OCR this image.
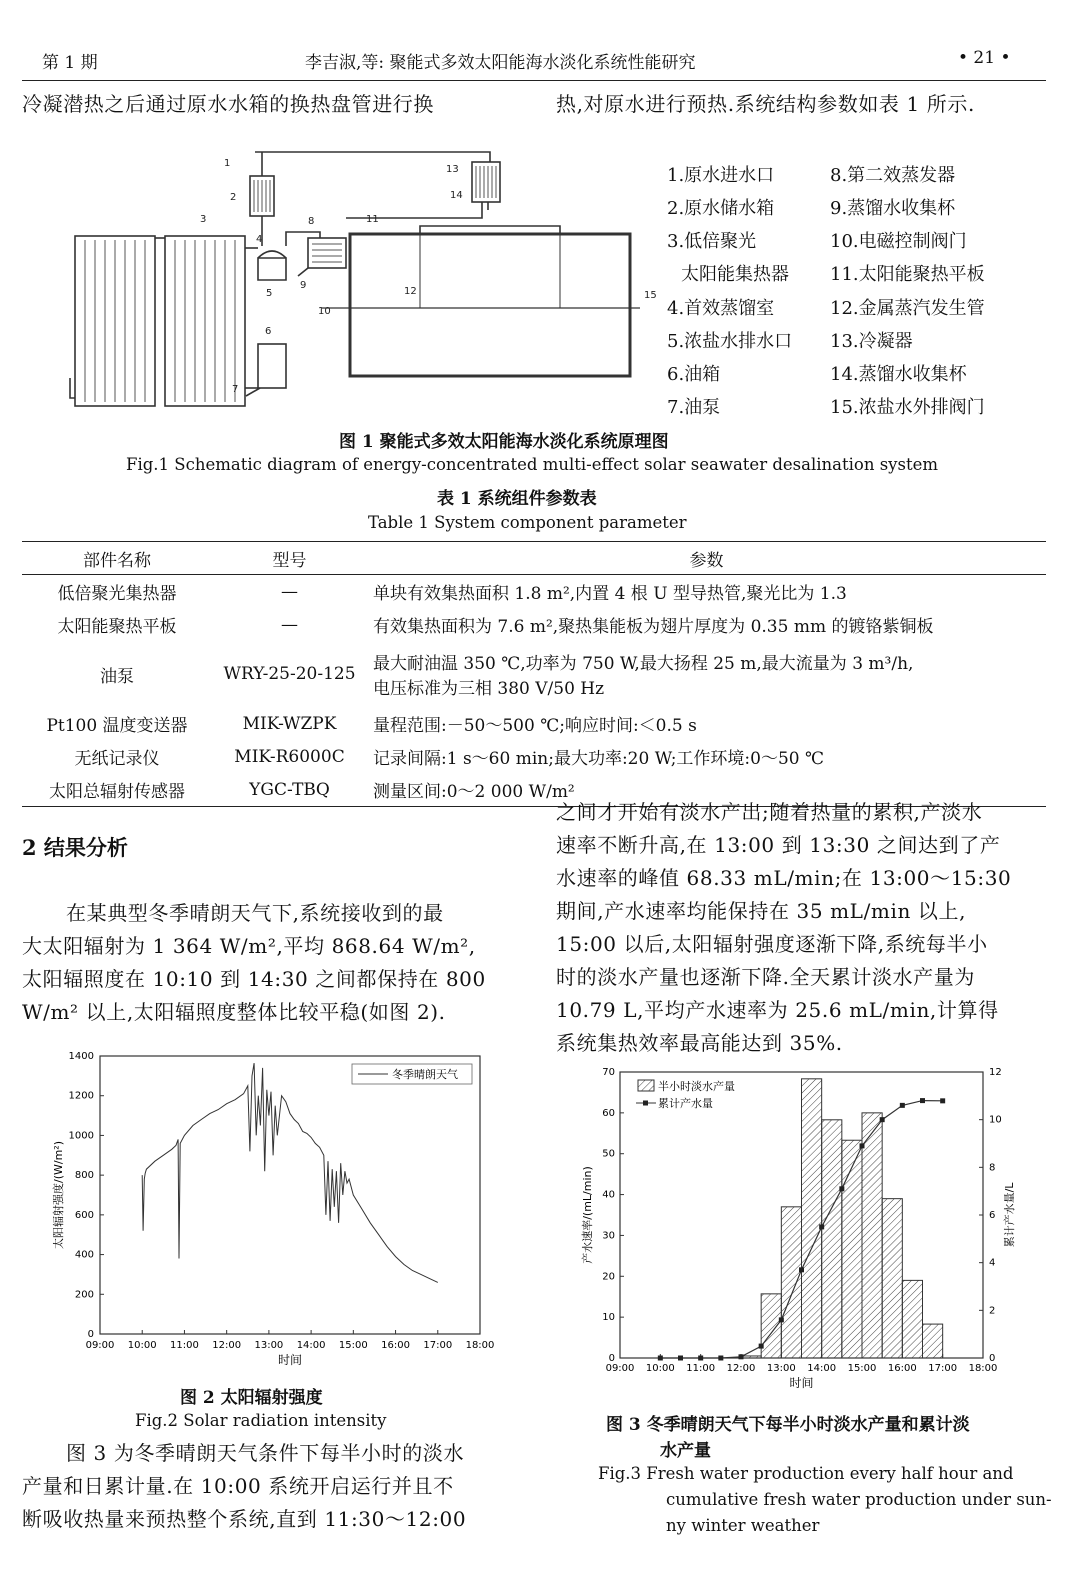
第 1 期	李吉淑,等: 聚能式多效太阳能海水淡化系统性能研究	• 21 •
冷凝潜热之后通过原水水箱的换热盘管进行换	热,对原水进行预热.系统结构参数如表 1 所示.
1
2
3
4
5
6
7
8
9
10
11
12
13
14
15
1.原水进水口
2.原水储水箱
3.低倍聚光
太阳能集热器
4.首效蒸馏室
5.浓盐水排水口
6.油箱
7.油泵
8.第二效蒸发器
9.蒸馏水收集杯
10.电磁控制阀门
11.太阳能聚热平板
12.金属蒸汽发生管
13.冷凝器
14.蒸馏水收集杯
15.浓盐水外排阀门
图 1 聚能式多效太阳能海水淡化系统原理图
Fig.1 Schematic diagram of energy-concentrated multi-effect solar seawater desalination system
表 1 系统组件参数表
Table 1 System component parameter
部件名称	型号	参数
低倍聚光集热器	—	单块有效集热面积 1.8 m²,内置 4 根 U 型导热管,聚光比为 1.3
太阳能聚热平板	—	有效集热面积为 7.6 m²,聚热集能板为翅片厚度为 0.35 mm 的镀铬紫铜板
油泵	WRY-25-20-125	最大耐油温 350 ℃,功率为 750 W,最大扬程 25 m,最大流量为 3 m³/h,
电压标准为三相 380 V/50 Hz

Pt100 温度变送器	MIK-WZPK	量程范围:－50～500 ℃;响应时间:＜0.5 s
无纸记录仪	MIK-R6000C	记录间隔:1 s～60 min;最大功率:20 W;工作环境:0～50 ℃
太阳总辐射传感器	YGC-TBQ	测量区间:0～2 000 W/m²
2 结果分析
在某典型冬季晴朗天气下,系统接收到的最
大太阳辐射为 1 364 W/m²,平均 868.64 W/m²,
太阳辐照度在 10:10 到 14:30 之间都保持在 800
W/m² 以上,太阳辐照度整体比较平稳(如图 2).
之间才开始有淡水产出;随着热量的累积,产淡水
速率不断升高,在 13:00 到 13:30 之间达到了产
水速率的峰值 68.33 mL/min;在 13:00～15:30
期间,产水速率均能保持在 35 mL/min 以上,
15:00 以后,太阳辐射强度逐渐下降,系统每半小
时的淡水产量也逐渐下降.全天累计淡水产量为
10.79 L,平均产水速率为 25.6 mL/min,计算得
系统集热效率最高能达到 35%.
09:00 10:00 11:00 12:00 13:00 14:00 15:00 16:00 17:00 18:00
0
200
400
600
800
1000
1200
1400
时间
太阳辐射强度/(W/m²)
冬季晴朗天气
图 2 太阳辐射强度
Fig.2 Solar radiation intensity
图 3 为冬季晴朗天气条件下每半小时的淡水
产量和日累计量.在 10:00 系统开启运行并且不
断吸收热量来预热整个系统,直到 11:30～12:00
09:00 10:00 11:00 12:00 13:00 14:00 15:00 16:00 17:00 18:00
0
10
20
30
40
50
60
70
0
2
4
6
8
10
12
时间
产水速率/(mL/min)	累计产水量/L
半小时淡水产量
累计产水量
图 3 冬季晴朗天气下每半小时淡水产量和累计淡
水产量
Fig.3 Fresh water production every half hour and
cumulative fresh water production under sun-
ny winter weather
